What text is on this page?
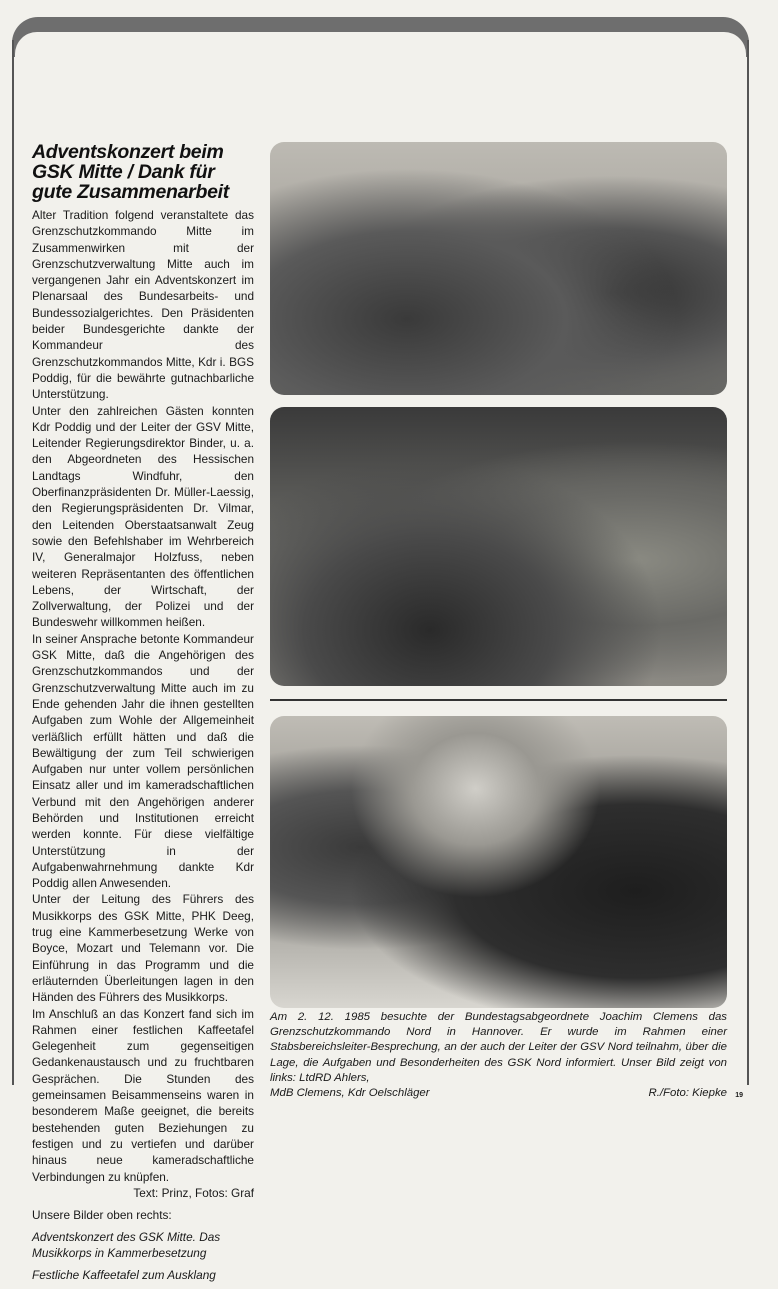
Adventskonzert beim GSK Mitte / Dank für gute Zusammenarbeit

Alter Tradition folgend veranstaltete das Grenzschutzkommando Mitte im Zusammenwirken mit der Grenzschutzverwaltung Mitte auch im vergangenen Jahr ein Adventskonzert im Plenarsaal des Bundesarbeits- und Bundessozialgerichtes. Den Präsidenten beider Bundesgerichte dankte der Kommandeur des Grenzschutzkommandos Mitte, Kdr i. BGS Poddig, für die bewährte gutnachbarliche Unterstützung.

Unter den zahlreichen Gästen konnten Kdr Poddig und der Leiter der GSV Mitte, Leitender Regierungsdirektor Binder, u. a. den Abgeordneten des Hessischen Landtags Windfuhr, den Oberfinanzpräsidenten Dr. Müller-Laessig, den Regierungspräsidenten Dr. Vilmar, den Leitenden Oberstaatsanwalt Zeug sowie den Befehlshaber im Wehrbereich IV, Generalmajor Holzfuss, neben weiteren Repräsentanten des öffentlichen Lebens, der Wirtschaft, der Zollverwaltung, der Polizei und der Bundeswehr willkommen heißen.

In seiner Ansprache betonte Kommandeur GSK Mitte, daß die Angehörigen des Grenzschutzkommandos und der Grenzschutzverwaltung Mitte auch im zu Ende gehenden Jahr die ihnen gestellten Aufgaben zum Wohle der Allgemeinheit verläßlich erfüllt hätten und daß die Bewältigung der zum Teil schwierigen Aufgaben nur unter vollem persönlichen Einsatz aller und im kameradschaftlichen Verbund mit den Angehörigen anderer Behörden und Institutionen erreicht werden konnte. Für diese vielfältige Unterstützung in der Aufgabenwahrnehmung dankte Kdr Poddig allen Anwesenden.

Unter der Leitung des Führers des Musikkorps des GSK Mitte, PHK Deeg, trug eine Kammerbesetzung Werke von Boyce, Mozart und Telemann vor. Die Einführung in das Programm und die erläuternden Überleitungen lagen in den Händen des Führers des Musikkorps.

Im Anschluß an das Konzert fand sich im Rahmen einer festlichen Kaffeetafel Gelegenheit zum gegenseitigen Gedankenaustausch und zu fruchtbaren Gesprächen. Die Stunden des gemeinsamen Beisammenseins waren in besonderem Maße geeignet, die bereits bestehenden guten Beziehungen zu festigen und zu vertiefen und darüber hinaus neue kameradschaftliche Verbindungen zu knüpfen.

Text: Prinz, Fotos: Graf

Unsere Bilder oben rechts:

Adventskonzert des GSK Mitte. Das Musikkorps in Kammerbesetzung

Festliche Kaffeetafel zum Ausklang

Am 2. 12. 1985 besuchte der Bundestagsabgeordnete Joachim Clemens das Grenzschutzkommando Nord in Hannover. Er wurde im Rahmen einer Stabsbereichsleiter-Besprechung, an der auch der Leiter der GSV Nord teilnahm, über die Lage, die Aufgaben und Besonderheiten des GSK Nord informiert. Unser Bild zeigt von links: LtdRD Ahlers,
MdB Clemens, Kdr Oelschläger	R./Foto: Kiepke 19
